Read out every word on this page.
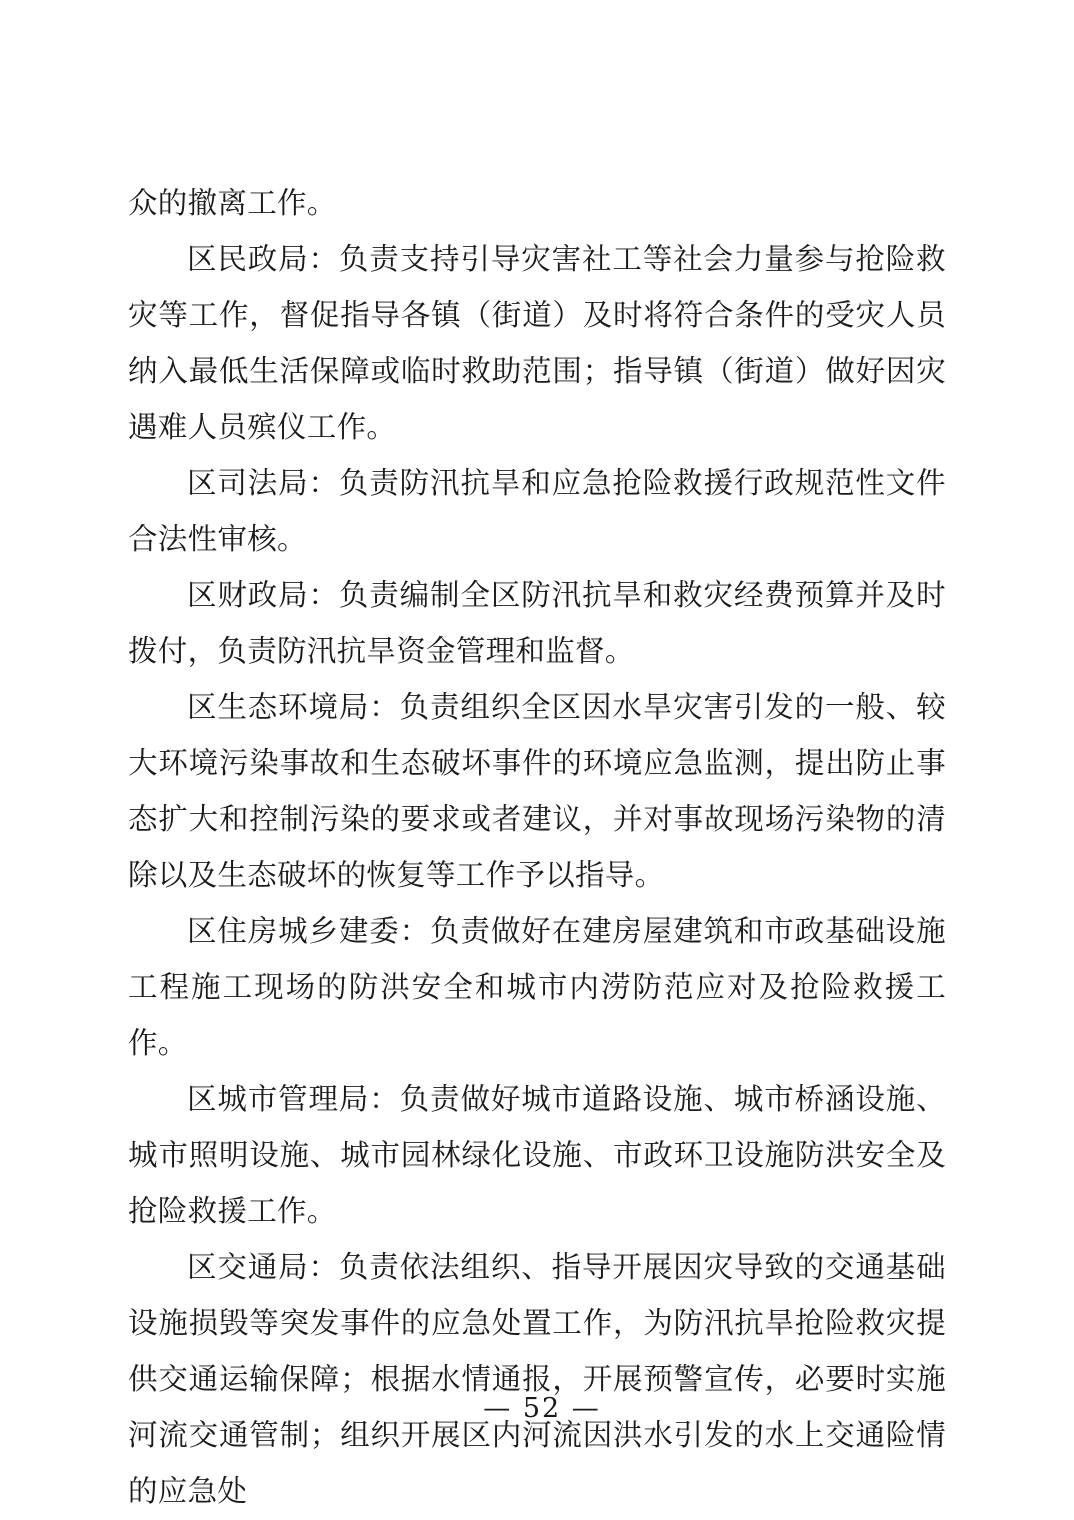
众的撤离工作。

区民政局：负责支持引导灾害社工等社会力量参与抢险救灾等工作，督促指导各镇（街道）及时将符合条件的受灾人员纳入最低生活保障或临时救助范围；指导镇（街道）做好因灾遇难人员殡仪工作。

区司法局：负责防汛抗旱和应急抢险救援行政规范性文件合法性审核。

区财政局：负责编制全区防汛抗旱和救灾经费预算并及时拨付，负责防汛抗旱资金管理和监督。

区生态环境局：负责组织全区因水旱灾害引发的一般、较大环境污染事故和生态破坏事件的环境应急监测，提出防止事态扩大和控制污染的要求或者建议，并对事故现场污染物的清除以及生态破坏的恢复等工作予以指导。

区住房城乡建委：负责做好在建房屋建筑和市政基础设施工程施工现场的防洪安全和城市内涝防范应对及抢险救援工作。

区城市管理局：负责做好城市道路设施、城市桥涵设施、城市照明设施、城市园林绿化设施、市政环卫设施防洪安全及抢险救援工作。

区交通局：负责依法组织、指导开展因灾导致的交通基础设施损毁等突发事件的应急处置工作，为防汛抗旱抢险救灾提供交通运输保障；根据水情通报，开展预警宣传，必要时实施河流交通管制；组织开展区内河流因洪水引发的水上交通险情的应急处

— 52 —
